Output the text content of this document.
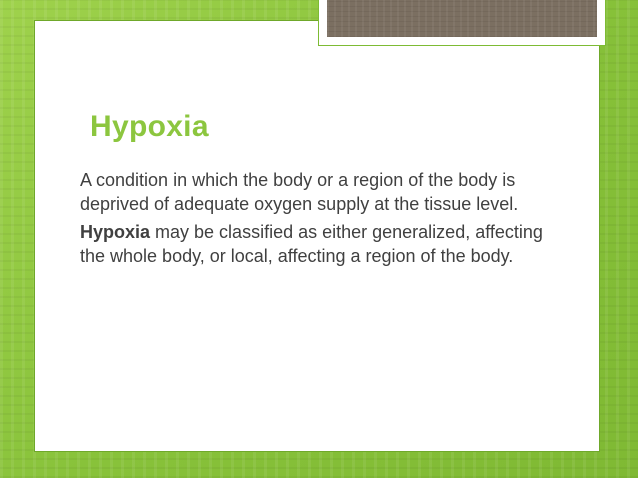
Hypoxia

A condition in which the body or a region of the body is deprived of adequate oxygen supply at the tissue level.

Hypoxia may be classified as either generalized, affecting the whole body, or local, affecting a region of the body.
